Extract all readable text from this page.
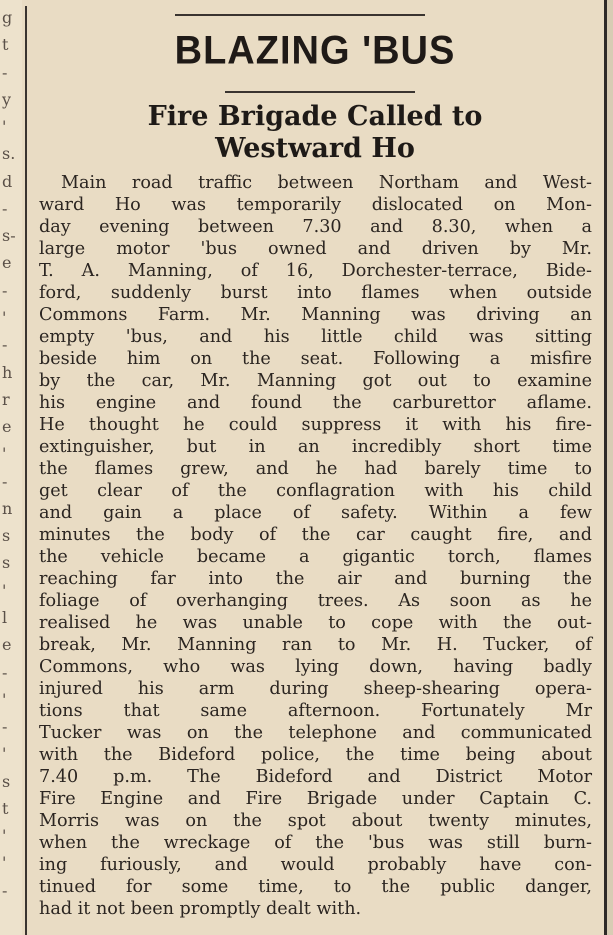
g
t
-
y
'
s.
d
-
s-
e
-
'
-
h
r
e
'
-
n
s
s
'
l
e
-
'
-
'
s
t
'
'
-
BLAZING 'BUS
Fire Brigade Called to
Westward Ho
Main road traffic between Northam and West-
ward Ho was temporarily dislocated on Mon-
day evening between 7.30 and 8.30, when a
large motor 'bus owned and driven by Mr.
T. A. Manning, of 16, Dorchester-terrace, Bide-
ford, suddenly burst into flames when outside
Commons Farm. Mr. Manning was driving an
empty 'bus, and his little child was sitting
beside him on the seat. Following a misfire
by the car, Mr. Manning got out to examine
his engine and found the carburettor aflame.
He thought he could suppress it with his fire-
extinguisher, but in an incredibly short time
the flames grew, and he had barely time to
get clear of the conflagration with his child
and gain a place of safety. Within a few
minutes the body of the car caught fire, and
the vehicle became a gigantic torch, flames
reaching far into the air and burning the
foliage of overhanging trees. As soon as he
realised he was unable to cope with the out-
break, Mr. Manning ran to Mr. H. Tucker, of
Commons, who was lying down, having badly
injured his arm during sheep-shearing opera-
tions that same afternoon. Fortunately Mr
Tucker was on the telephone and communicated
with the Bideford police, the time being about
7.40 p.m. The Bideford and District Motor
Fire Engine and Fire Brigade under Captain C.
Morris was on the spot about twenty minutes,
when the wreckage of the 'bus was still burn-
ing furiously, and would probably have con-
tinued for some time, to the public danger,
had it not been promptly dealt with.
